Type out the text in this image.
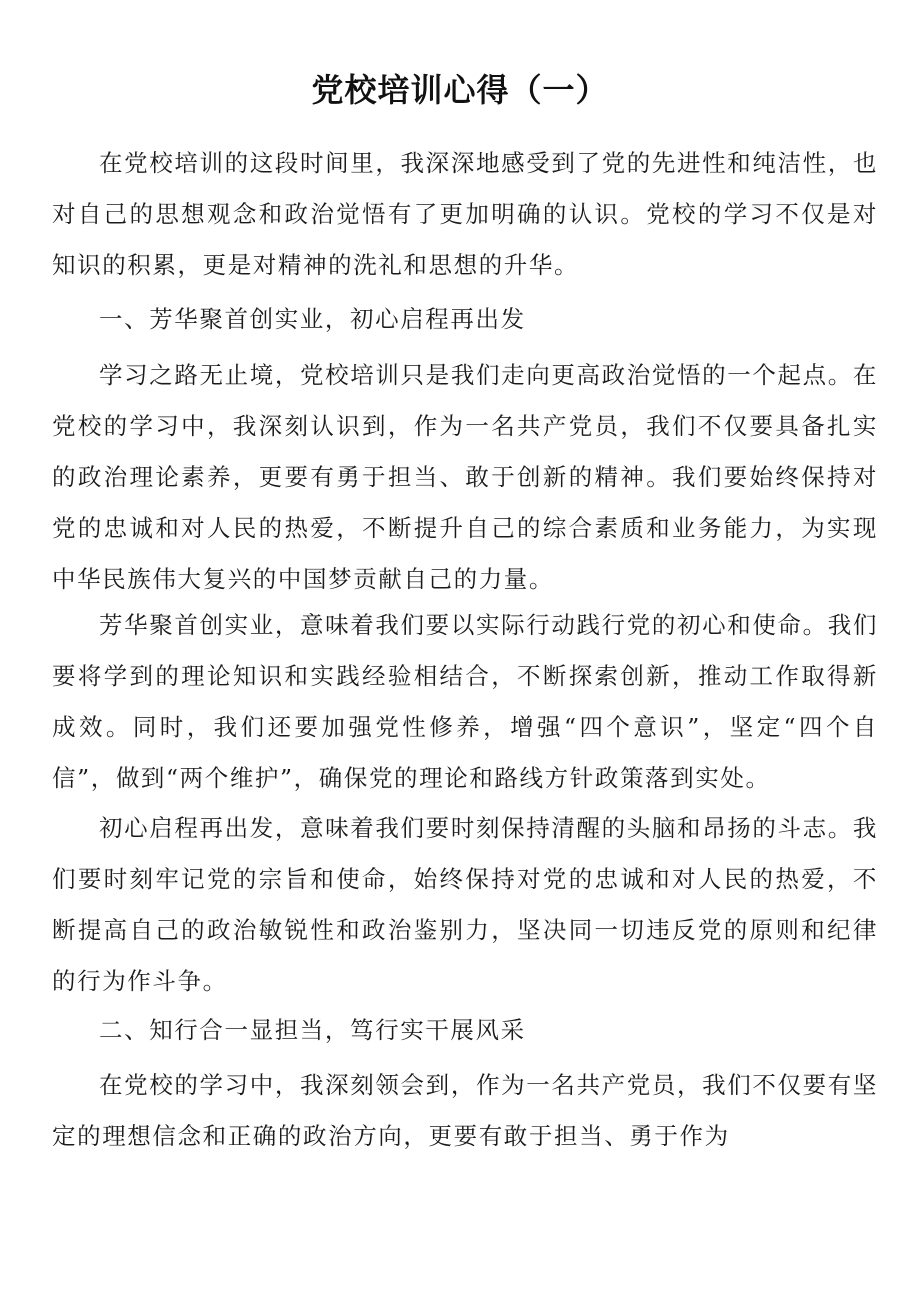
党校培训心得（一）

在党校培训的这段时间里，我深深地感受到了党的先进性和纯洁性，也对自己的思想观念和政治觉悟有了更加明确的认识。党校的学习不仅是对知识的积累，更是对精神的洗礼和思想的升华。

一、芳华聚首创实业，初心启程再出发

学习之路无止境，党校培训只是我们走向更高政治觉悟的一个起点。在党校的学习中，我深刻认识到，作为一名共产党员，我们不仅要具备扎实的政治理论素养，更要有勇于担当、敢于创新的精神。我们要始终保持对党的忠诚和对人民的热爱，不断提升自己的综合素质和业务能力，为实现中华民族伟大复兴的中国梦贡献自己的力量。

芳华聚首创实业，意味着我们要以实际行动践行党的初心和使命。我们要将学到的理论知识和实践经验相结合，不断探索创新，推动工作取得新成效。同时，我们还要加强党性修养，增强“四个意识”，坚定“四个自信”，做到“两个维护”，确保党的理论和路线方针政策落到实处。

初心启程再出发，意味着我们要时刻保持清醒的头脑和昂扬的斗志。我们要时刻牢记党的宗旨和使命，始终保持对党的忠诚和对人民的热爱，不断提高自己的政治敏锐性和政治鉴别力，坚决同一切违反党的原则和纪律的行为作斗争。

二、知行合一显担当，笃行实干展风采

在党校的学习中，我深刻领会到，作为一名共产党员，我们不仅要有坚定的理想信念和正确的政治方向，更要有敢于担当、勇于作为
